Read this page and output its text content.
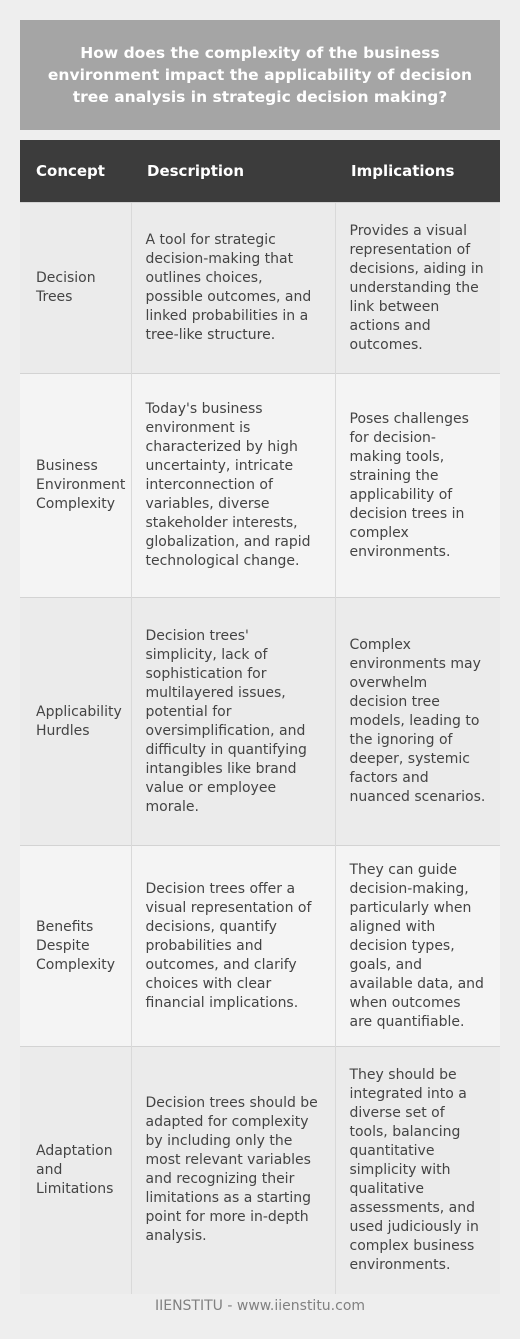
How does the complexity of the business environment impact the applicability of decision tree analysis in strategic decision making?
Concept	Description	Implications
Decision Trees	A tool for strategic decision-making that outlines choices, possible outcomes, and linked probabilities in a tree-like structure.	Provides a visual representation of decisions, aiding in understanding the link between actions and outcomes.
Business Environment Complexity	Today's business environment is characterized by high uncertainty, intricate interconnection of variables, diverse stakeholder interests, globalization, and rapid technological change.	Poses challenges for decision-making tools, straining the applicability of decision trees in complex environments.
Applicability Hurdles	Decision trees' simplicity, lack of sophistication for multilayered issues, potential for oversimplification, and difficulty in quantifying intangibles like brand value or employee morale.	Complex environments may overwhelm decision tree models, leading to the ignoring of deeper, systemic factors and nuanced scenarios.
Benefits Despite Complexity	Decision trees offer a visual representation of decisions, quantify probabilities and outcomes, and clarify choices with clear financial implications.	They can guide decision-making, particularly when aligned with decision types, goals, and available data, and when outcomes are quantifiable.
Adaptation and Limitations	Decision trees should be adapted for complexity by including only the most relevant variables and recognizing their limitations as a starting point for more in-depth analysis.	They should be integrated into a diverse set of tools, balancing quantitative simplicity with qualitative assessments, and used judiciously in complex business environments.
IIENSTITU - www.iienstitu.com
